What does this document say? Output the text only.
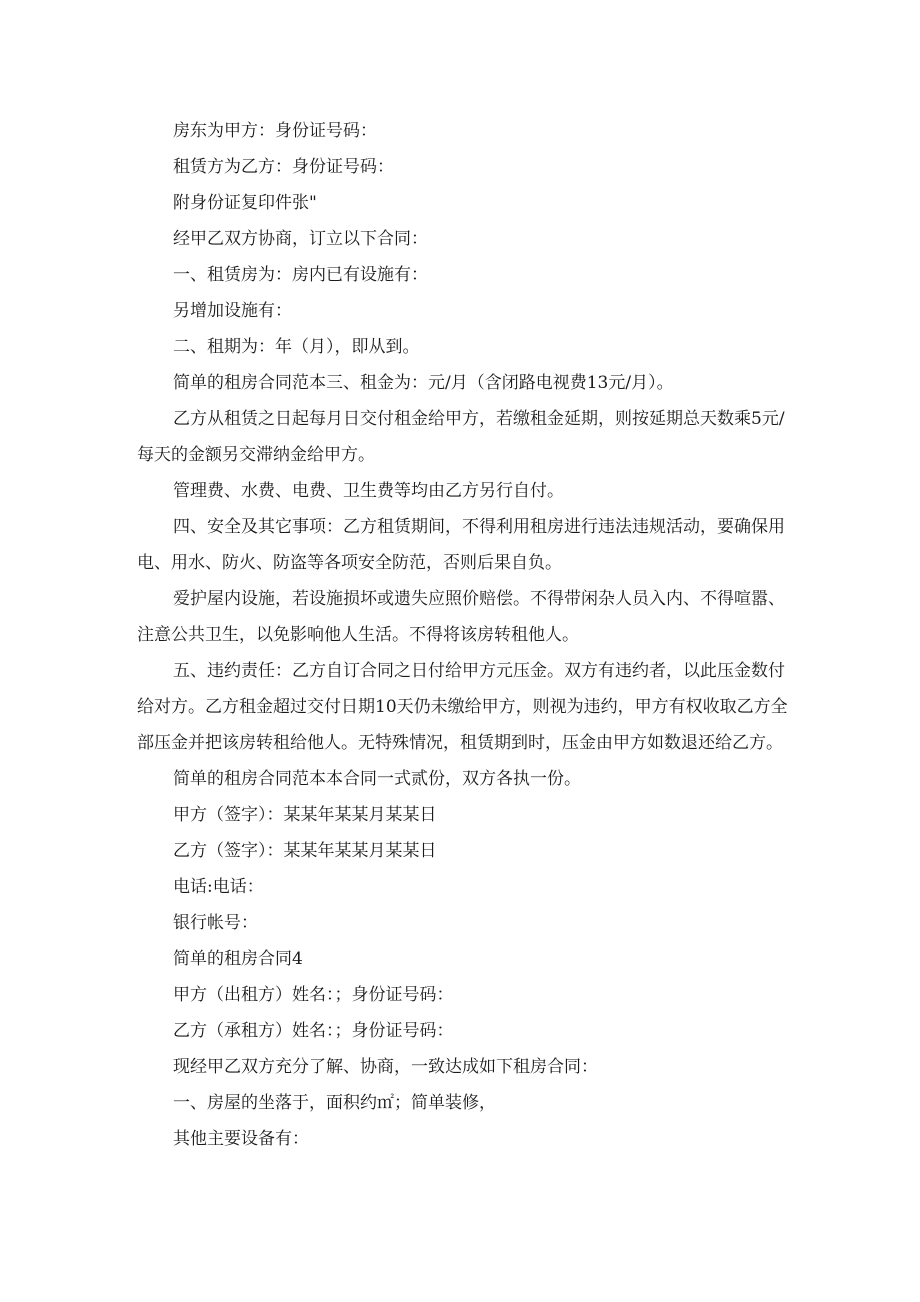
房东为甲方：身份证号码：

租赁方为乙方：身份证号码：

附身份证复印件张"

经甲乙双方协商，订立以下合同：

一、租赁房为：房内已有设施有：

另增加设施有：

二、租期为：年（月），即从到。

简单的租房合同范本三、租金为：元/月（含闭路电视费13元/月）。

乙方从租赁之日起每月日交付租金给甲方，若缴租金延期，则按延期总天数乘5元/每天的金额另交滞纳金给甲方。

管理费、水费、电费、卫生费等均由乙方另行自付。

四、安全及其它事项：乙方租赁期间，不得利用租房进行违法违规活动，要确保用电、用水、防火、防盗等各项安全防范，否则后果自负。

爱护屋内设施，若设施损坏或遗失应照价赔偿。不得带闲杂人员入内、不得喧嚣、注意公共卫生，以免影响他人生活。不得将该房转租他人。

五、违约责任：乙方自订合同之日付给甲方元压金。双方有违约者，以此压金数付给对方。乙方租金超过交付日期10天仍未缴给甲方，则视为违约，甲方有权收取乙方全部压金并把该房转租给他人。无特殊情况，租赁期到时，压金由甲方如数退还给乙方。

简单的租房合同范本本合同一式贰份，双方各执一份。

甲方（签字）：某某年某某月某某日

乙方（签字）：某某年某某月某某日

电话:电话：

银行帐号：

简单的租房合同4

甲方（出租方）姓名：；身份证号码：

乙方（承租方）姓名：；身份证号码：

现经甲乙双方充分了解、协商，一致达成如下租房合同：

一、房屋的坐落于，面积约㎡；简单装修，

其他主要设备有：
